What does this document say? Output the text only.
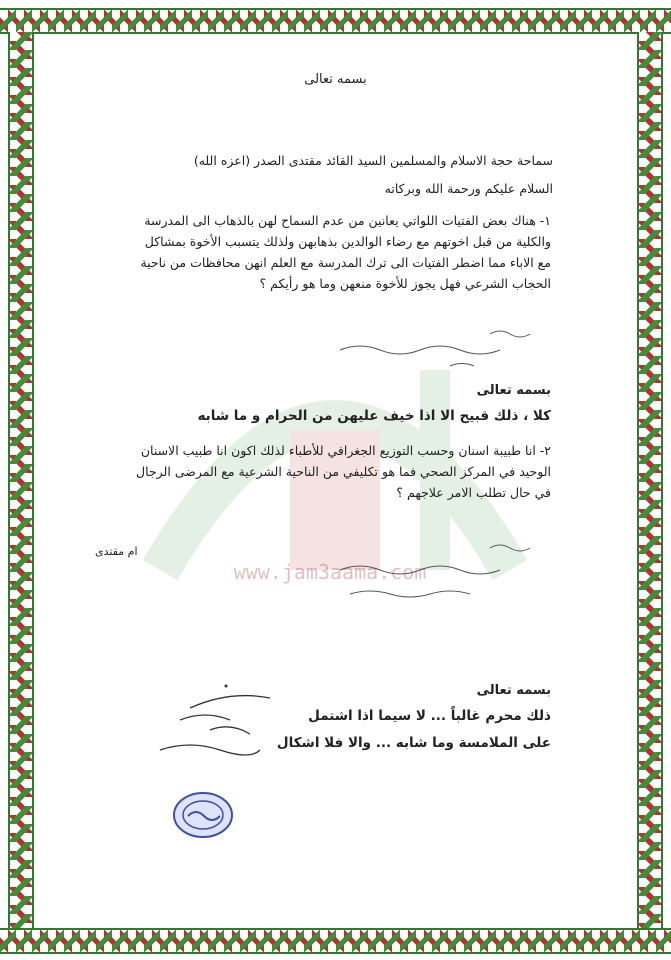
www.jam3aama.com
بسمه تعالى
سماحة حجة الاسلام والمسلمين السيد القائد مقتدى الصدر (اعزه الله)
السلام عليكم ورحمة الله وبركاته
١- هناك بعض الفتيات اللواتي يعانين من عدم السماح لهن بالذهاب الى المدرسة
والكلية من قبل اخوتهم مع رضاء الوالدين بذهابهن ولذلك يتسبب الأخوة بمشاكل
مع الاباء مما اضطر الفتيات الى ترك المدرسة مع العلم انهن محافظات من ناحية
الحجاب الشرعي فهل يجوز للأخوة منعهن وما هو رأيكم ؟
بسمه تعالى
كلا ، ذلك قبيح الا اذا خيف عليهن من الحرام و ما شابه
٢- انا طبيبة اسنان وحسب التوزيع الجغرافي للأطباء لذلك اكون انا طبيب الاسنان
الوحيد في المركز الصحي فما هو تكليفي من الناحية الشرعية مع المرضى الرجال
في حال تطلب الامر علاجهم ؟
ام مقتدى
بسمه تعالى
ذلك محرم غالباً ... لا سيما اذا اشتمل
على الملامسة وما شابه ... والا فلا اشكال
